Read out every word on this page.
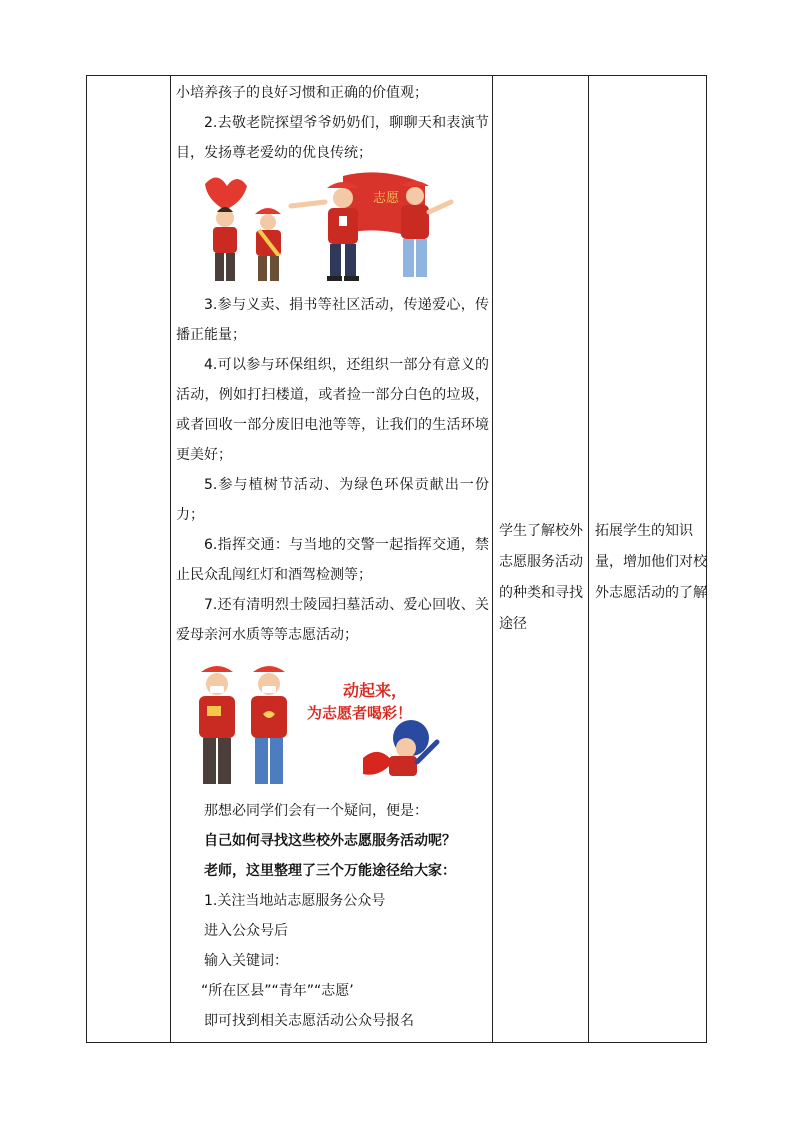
小培养孩子的良好习惯和正确的价值观；
2.去敬老院探望爷爷奶奶们，聊聊天和表演节目，发扬尊老爱幼的优良传统；
志愿
3.参与义卖、捐书等社区活动，传递爱心，传播正能量；
4.可以参与环保组织，还组织一部分有意义的活动，例如打扫楼道，或者捡一部分白色的垃圾，或者回收一部分废旧电池等等，让我们的生活环境更美好；
5.参与植树节活动、为绿色环保贡献出一份力；
6.指挥交通：与当地的交警一起指挥交通，禁止民众乱闯红灯和酒驾检测等；
7.还有清明烈士陵园扫墓活动、爱心回收、关爱母亲河水质等等志愿活动；
动起来，
为志愿者喝彩！
那想必同学们会有一个疑问，便是：
自己如何寻找这些校外志愿服务活动呢？
老师，这里整理了三个万能途径给大家：
1.关注当地站志愿服务公众号
进入公众号后
输入关键词：
“所在区县”“青年”“志愿’
即可找到相关志愿活动公众号报名
学生了解校外志愿服务活动的种类和寻找途径
拓展学生的知识量，增加他们对校外志愿活动的了解
